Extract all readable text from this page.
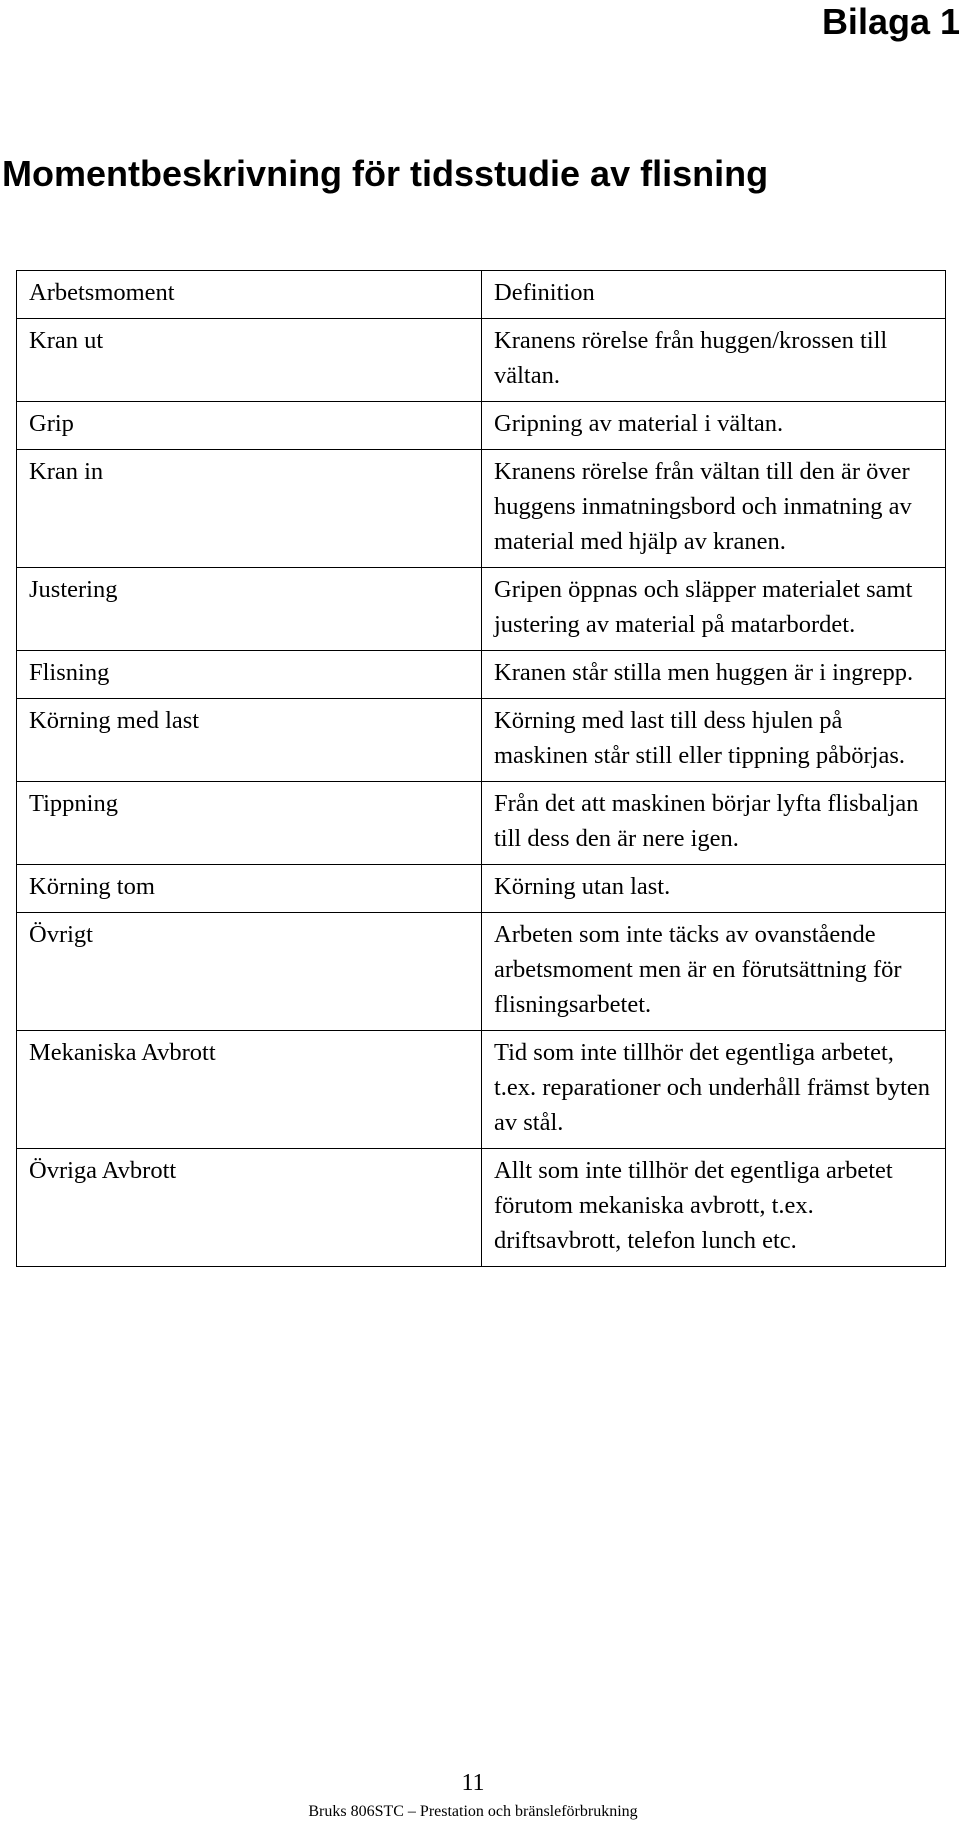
Bilaga 1
Momentbeskrivning för tidsstudie av flisning
Arbetsmoment	Definition
Kran ut	Kranens rörelse från huggen/krossen till vältan.
Grip	Gripning av material i vältan.
Kran in	Kranens rörelse från vältan till den är över huggens inmatningsbord och inmatning av material med hjälp av kranen.
Justering	Gripen öppnas och släpper materialet samt justering av material på matarbordet.
Flisning	Kranen står stilla men huggen är i ingrepp.
Körning med last	Körning med last till dess hjulen på maskinen står still eller tippning påbörjas.
Tippning	Från det att maskinen börjar lyfta flisbaljan till dess den är nere igen.
Körning tom	Körning utan last.
Övrigt	Arbeten som inte täcks av ovanstående arbetsmoment men är en förutsättning för flisningsarbetet.
Mekaniska Avbrott	Tid som inte tillhör det egentliga arbetet, t.ex. reparationer och underhåll främst byten av stål.
Övriga Avbrott	Allt som inte tillhör det egentliga arbetet förutom mekaniska avbrott, t.ex. driftsavbrott, telefon lunch etc.
11
Bruks 806STC – Prestation och bränsleförbrukning
